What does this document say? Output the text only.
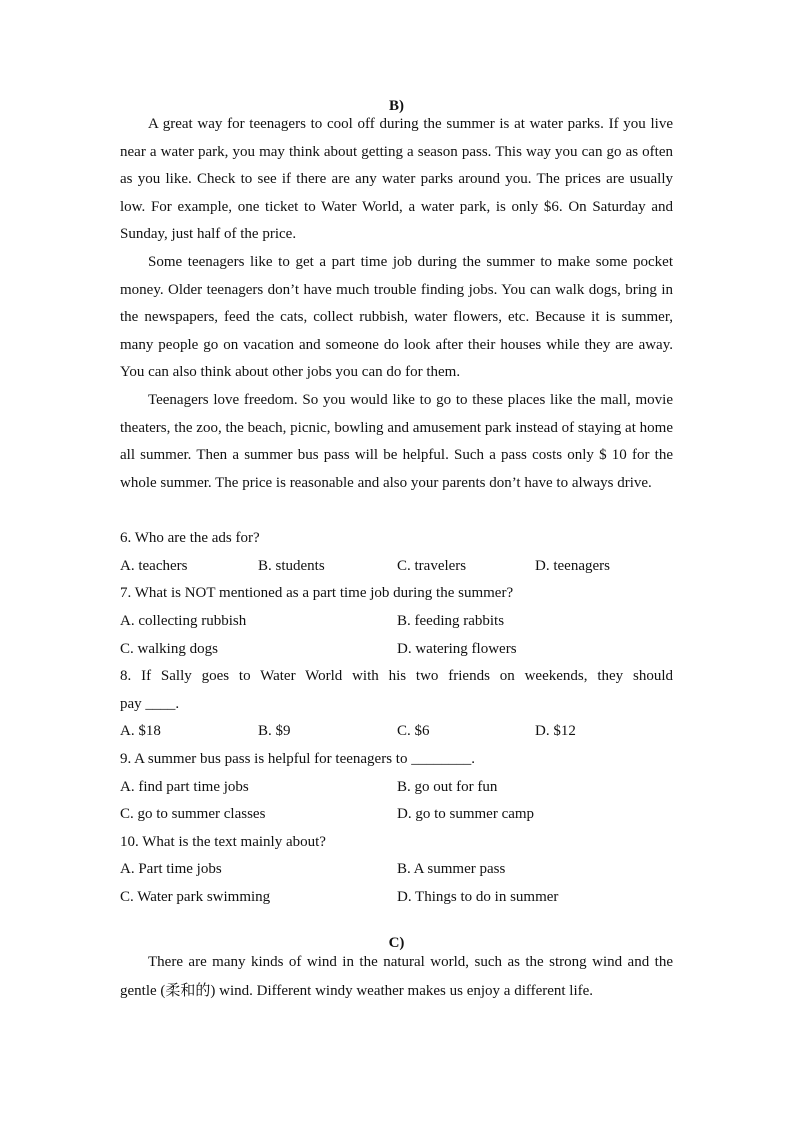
B)

A great way for teenagers to cool off during the summer is at water parks. If you live near a water park, you may think about getting a season pass. This way you can go as often as you like. Check to see if there are any water parks around you. The prices are usually low. For example, one ticket to Water World, a water park, is only $6. On Saturday and Sunday, just half of the price.

Some teenagers like to get a part time job during the summer to make some pocket money. Older teenagers don’t have much trouble finding jobs. You can walk dogs, bring in the newspapers, feed the cats, collect rubbish, water flowers, etc. Because it is summer, many people go on vacation and someone do look after their houses while they are away. You can also think about other jobs you can do for them.

Teenagers love freedom. So you would like to go to these places like the mall, movie theaters, the zoo, the beach, picnic, bowling and amusement park instead of staying at home all summer. Then a summer bus pass will be helpful. Such a pass costs only $ 10 for the whole summer. The price is reasonable and also your parents don’t have to always drive.

6. Who are the ads for?
A. teachers	B. students	C. travelers	D. teenagers
7. What is NOT mentioned as a part time job during the summer?
A. collecting rubbish	B. feeding rabbits
C. walking dogs	D. watering flowers
8. If Sally goes to Water World with his two friends on weekends, they should
pay ____.
A. $18	B. $9	C. $6	D. $12
9. A summer bus pass is helpful for teenagers to ________.
A. find part time jobs	B. go out for fun
C. go to summer classes	D. go to summer camp
10. What is the text mainly about?
A. Part time jobs	B. A summer pass
C. Water park swimming	D. Things to do in summer
C)

There are many kinds of wind in the natural world, such as the strong wind and the gentle (柔和的) wind. Different windy weather makes us enjoy a different life.
